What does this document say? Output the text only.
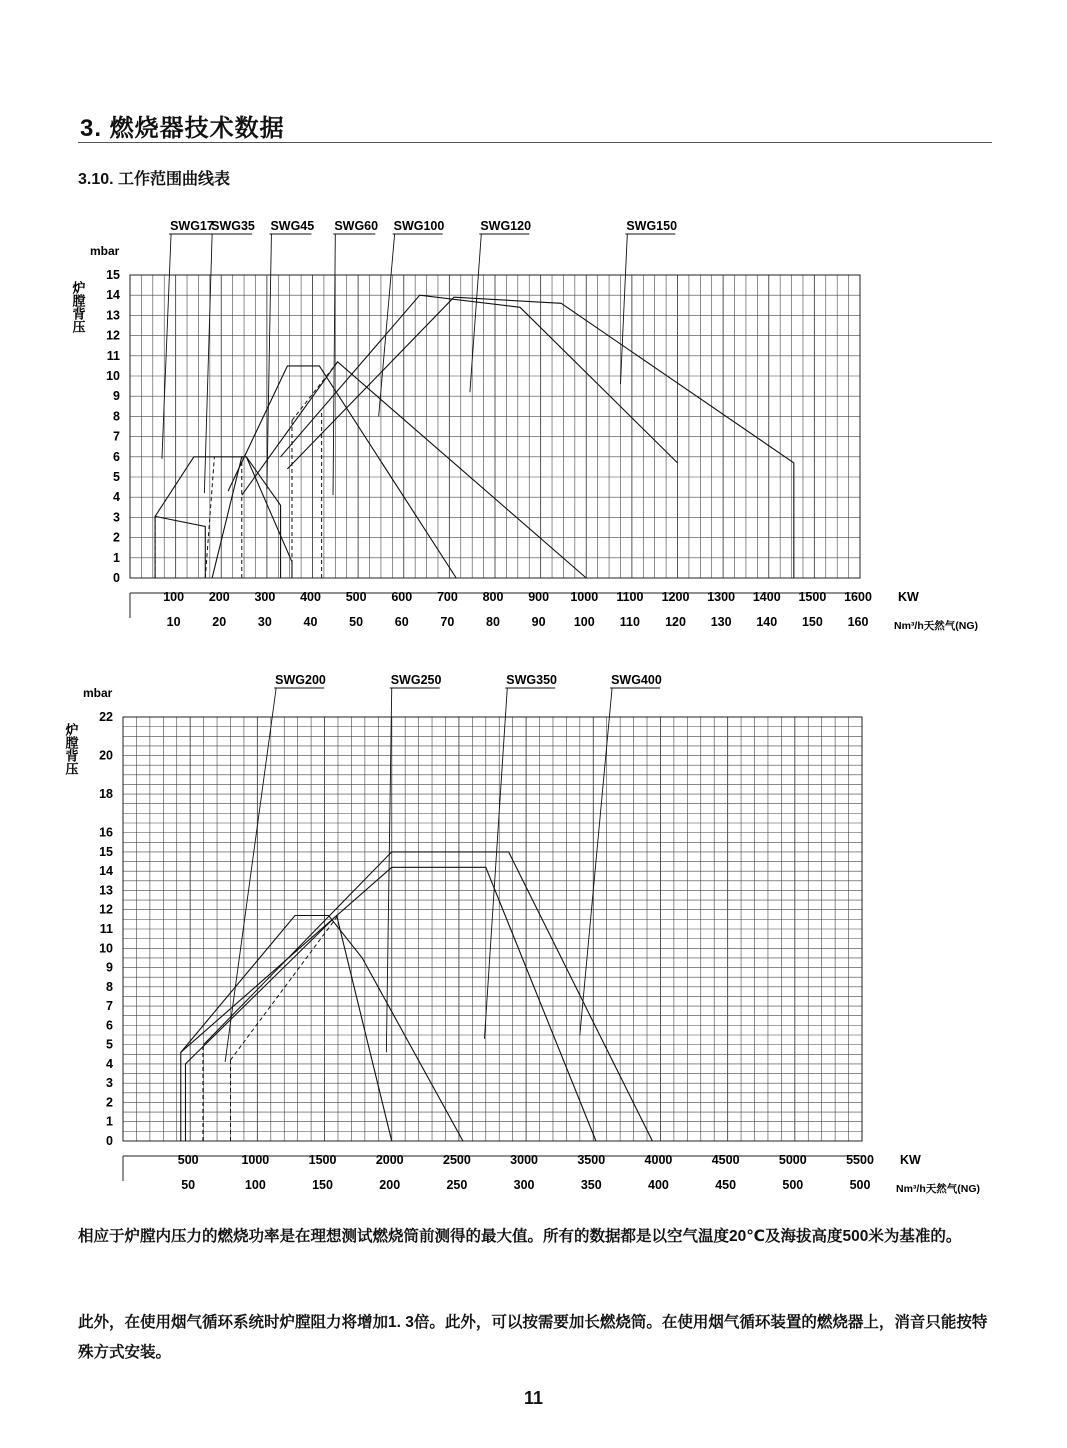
3. 燃烧器技术数据
3.10. 工作范围曲线表
0
1
2
3
4
5
6
7
8
9
10
11
12
13
14
15
mbar
炉膛背压
100 200 300 400 500 600 700 800 900 1000 1100 1200 1300 1400 1500 1600
10	20	30	40	50	60	70	80	90 100 110 120 130 140 150 160
KW
Nm³/h天然气(NG)
SWG17
SWG35 SWG45 SWG60 SWG100	SWG120	SWG150
0
1
2
3
4
5
6
7
8
9
10
11
12
13
14
15
16
18
20
22
mbar
炉膛背压
500	1000	1500	2000	2500	3000	3500	4000	4500	5000	5500
50	100	150	200	250	300	350	400	450	500	500
KW
Nm³/h天然气(NG)
SWG200	SWG250	SWG350	SWG400
相应于炉膛内压力的燃烧功率是在理想测试燃烧筒前测得的最大值。所有的数据都是以空气温度20℃及海拔高度500米为基准的。
此外，在使用烟气循环系统时炉膛阻力将增加1. 3倍。此外，可以按需要加长燃烧筒。在使用烟气循环装置的燃烧器上，消音只能按特殊方式安装。
11
